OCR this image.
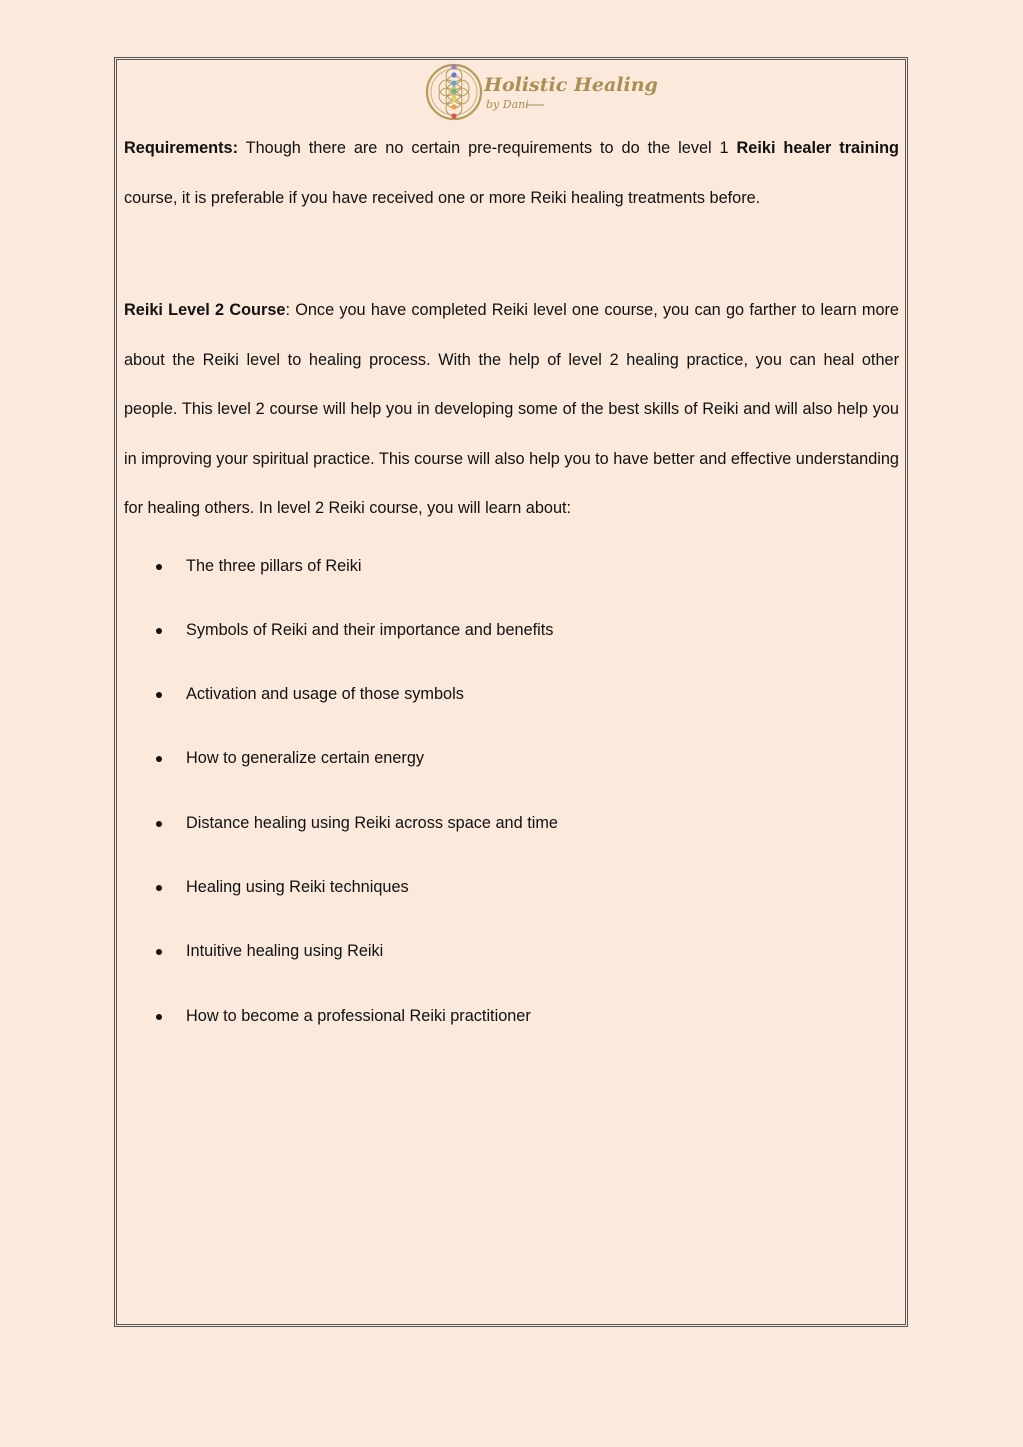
Holistic Healing
by Dani

Requirements: Though there are no certain pre-requirements to do the level 1 Reiki healer training course, it is preferable if you have received one or more Reiki healing treatments before.

Reiki Level 2 Course: Once you have completed Reiki level one course, you can go farther to learn more about the Reiki level to healing process. With the help of level 2 healing practice, you can heal other people. This level 2 course will help you in developing some of the best skills of Reiki and will also help you in improving your spiritual practice. This course will also help you to have better and effective understanding for healing others. In level 2 Reiki course, you will learn about:

The three pillars of Reiki
Symbols of Reiki and their importance and benefits
Activation and usage of those symbols
How to generalize certain energy
Distance healing using Reiki across space and time
Healing using Reiki techniques
Intuitive healing using Reiki
How to become a professional Reiki practitioner
